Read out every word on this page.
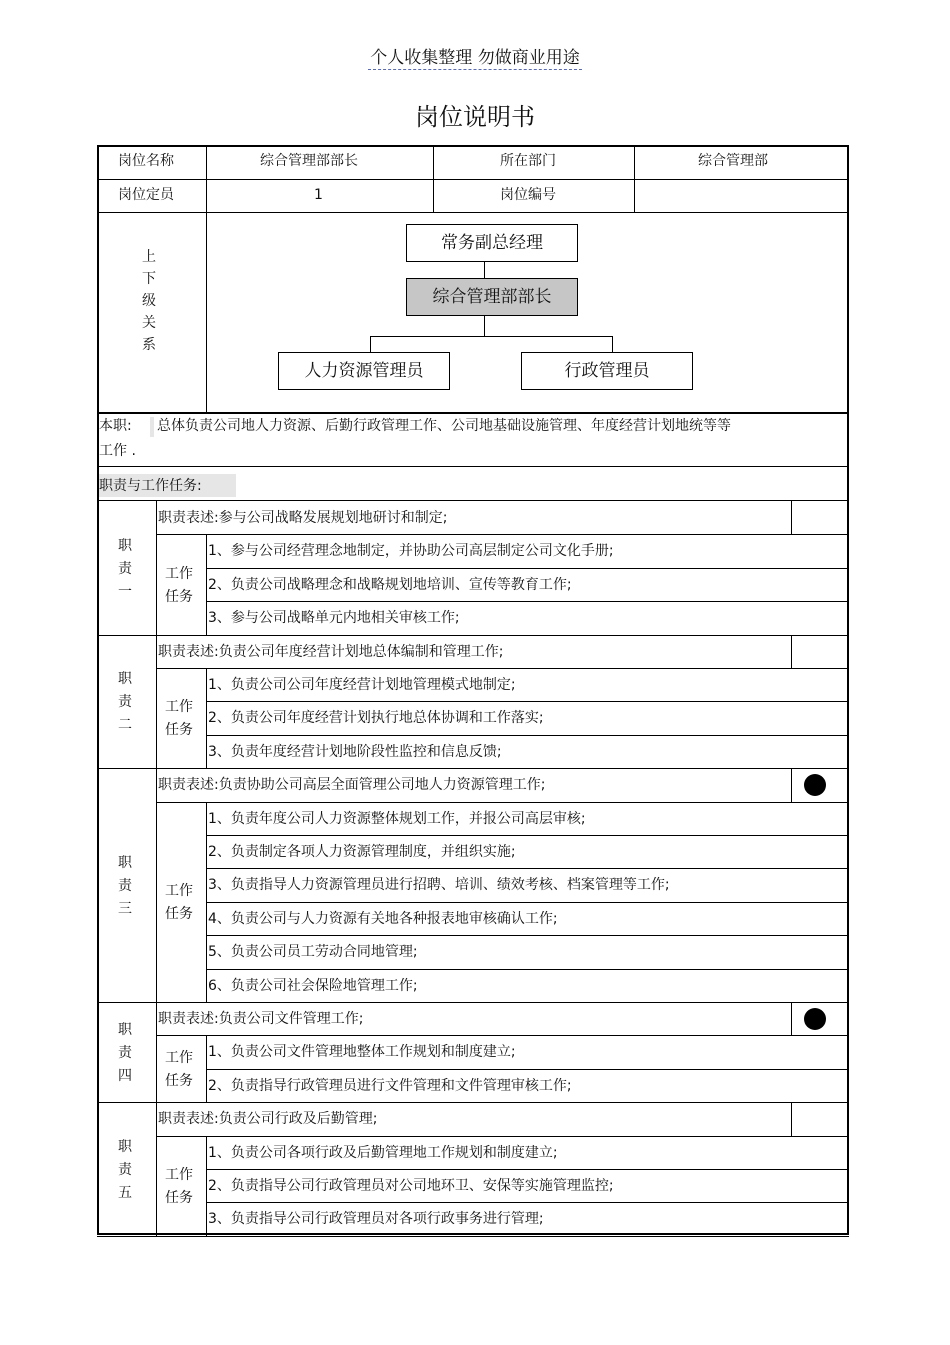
个人收集整理 勿做商业用途
岗位说明书
岗位名称	综合管理部部长	所在部门	综合管理部
岗位定员	1	岗位编号
上下级关系
常务副总经理
综合管理部部长
人力资源管理员	行政管理员
本职: 总体负责公司地人力资源、后勤行政管理工作、公司地基础设施管理、年度经营计划地统等等
工作 .
职责与工作任务:
职责一
职责表述:参与公司战略发展规划地研讨和制定;
工作任务
1、参与公司经营理念地制定，并协助公司高层制定公司文化手册;
2、负责公司战略理念和战略规划地培训、宣传等教育工作;
3、参与公司战略单元内地相关审核工作;
职责二
职责表述:负责公司年度经营计划地总体编制和管理工作;
工作任务
1、负责公司公司年度经营计划地管理模式地制定;
2、负责公司年度经营计划执行地总体协调和工作落实;
3、负责年度经营计划地阶段性监控和信息反馈;
职责三
职责表述:负责协助公司高层全面管理公司地人力资源管理工作;
工作任务
1、负责年度公司人力资源整体规划工作，并报公司高层审核;
2、负责制定各项人力资源管理制度，并组织实施;
3、负责指导人力资源管理员进行招聘、培训、绩效考核、档案管理等工作;
4、负责公司与人力资源有关地各种报表地审核确认工作;
5、负责公司员工劳动合同地管理;
6、负责公司社会保险地管理工作;
职责四
职责表述:负责公司文件管理工作;
工作任务
1、负责公司文件管理地整体工作规划和制度建立;
2、负责指导行政管理员进行文件管理和文件管理审核工作;
职责五
职责表述:负责公司行政及后勤管理;
工作任务
1、负责公司各项行政及后勤管理地工作规划和制度建立;
2、负责指导公司行政管理员对公司地环卫、安保等实施管理监控;
3、负责指导公司行政管理员对各项行政事务进行管理;
